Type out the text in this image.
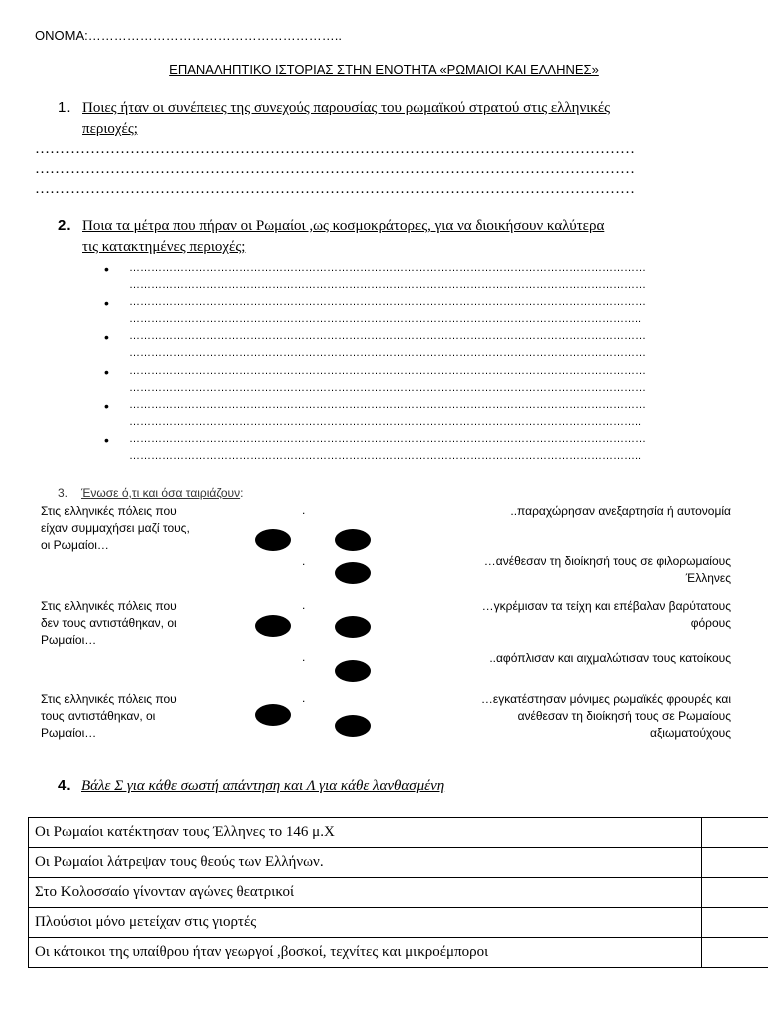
ΟΝΟΜΑ:…………………………………………………..
ΕΠΑΝΑΛΗΠΤΙΚΟ ΙΣΤΟΡΙΑΣ ΣΤΗΝ ΕΝΟΤΗΤΑ «ΡΩΜΑΙΟΙ ΚΑΙ ΕΛΛΗΝΕΣ»
1. Ποιες ήταν οι συνέπειες της συνεχούς παρουσίας του ρωμαϊκού στρατού στις ελληνικές
περιοχές;
…………………………………………………………………………………………………………
…………………………………………………………………………………………………………
…………………………………………………………………………………………………………
2. Ποια τα μέτρα που πήραν οι Ρωμαίοι ,ως κοσμοκράτορες, για να διοικήσουν καλύτερα
τις κατακτημένες περιοχές;
•
•
•
•
•
•
……………………………………………………………………………………………………………………………
……………………………………………………………………………………………………………………………
……………………………………………………………………………………………………………………………
…………………………………………………………………………………………………………………………..
……………………………………………………………………………………………………………………………
……………………………………………………………………………………………………………………………
……………………………………………………………………………………………………………………………
……………………………………………………………………………………………………………………………
……………………………………………………………………………………………………………………………
…………………………………………………………………………………………………………………………..
……………………………………………………………………………………………………………………………
…………………………………………………………………………………………………………………………..
3. Ένωσε ό,τι και όσα ταιριάζουν:
Στις ελληνικές πόλεις που
είχαν συμμαχήσει μαζί τους,
οι Ρωμαίοι…
Στις ελληνικές πόλεις που
δεν τους αντιστάθηκαν, οι
Ρωμαίοι…
Στις ελληνικές πόλεις που
τους αντιστάθηκαν, οι
Ρωμαίοι…
.
.
.
.
.
..παραχώρησαν ανεξαρτησία ή αυτονομία
…ανέθεσαν τη διοίκησή τους σε φιλορωμαίους
Έλληνες
…γκρέμισαν τα τείχη και επέβαλαν βαρύτατους
φόρους
..αφόπλισαν και αιχμαλώτισαν τους κατοίκους
…εγκατέστησαν μόνιμες ρωμαϊκές φρουρές και
ανέθεσαν τη διοίκησή τους σε Ρωμαίους
αξιωματούχους
4. Βάλε Σ για κάθε σωστή απάντηση και Λ για κάθε λανθασμένη
Οι Ρωμαίοι κατέκτησαν τους Έλληνες το 146 μ.Χ	
Οι Ρωμαίοι λάτρεψαν τους θεούς των Ελλήνων.	
Στο Κολοσσαίο γίνονταν αγώνες θεατρικοί	
Πλούσιοι μόνο μετείχαν στις γιορτές	
Οι κάτοικοι της υπαίθρου ήταν γεωργοί ,βοσκοί, τεχνίτες και μικροέμποροι	
